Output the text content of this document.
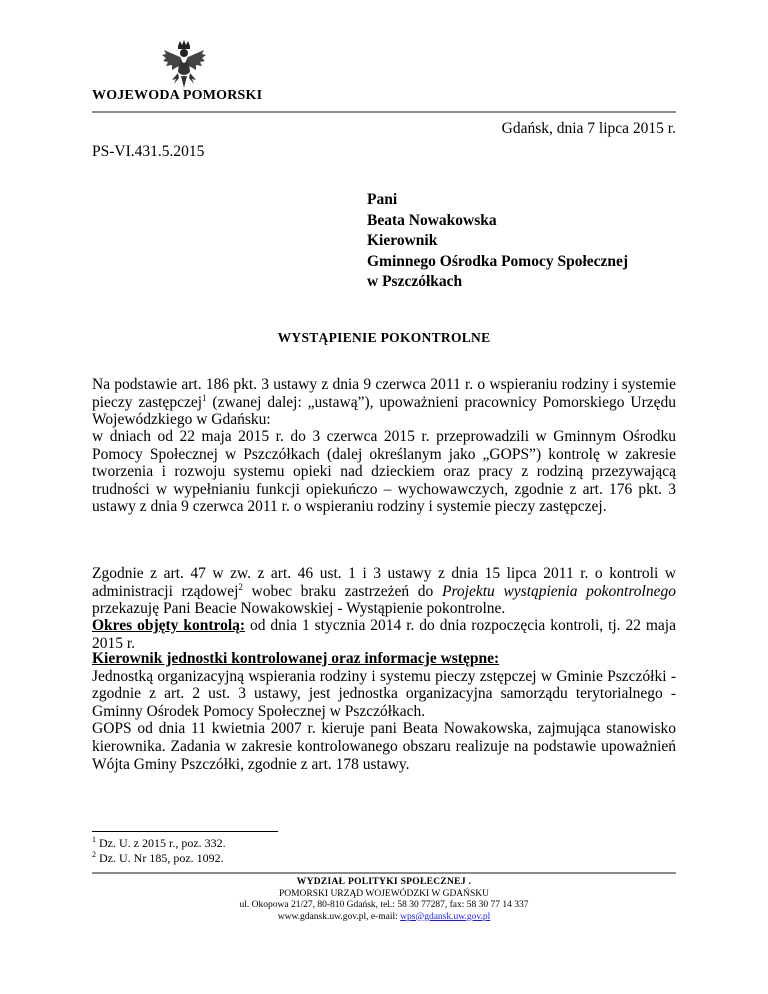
WOJEWODA POMORSKI
Gdańsk, dnia 7 lipca 2015 r.
PS-VI.431.5.2015
Pani
Beata Nowakowska
Kierownik
Gminnego Ośrodka Pomocy Społecznej
w Pszczółkach
WYSTĄPIENIE POKONTROLNE
Na podstawie art. 186 pkt. 3 ustawy z dnia 9 czerwca 2011 r. o wspieraniu rodziny i systemie pieczy zastępczej$^1$ (zwanej dalej: „ustawą”), upoważnieni pracownicy Pomorskiego Urzędu Wojewódzkiego w Gdańsku:
w dniach od 22 maja 2015 r. do 3 czerwca 2015 r. przeprowadzili w Gminnym Ośrodku Pomocy Społecznej w Pszczółkach (dalej określanym jako „GOPS”) kontrolę w zakresie tworzenia i rozwoju systemu opieki nad dzieckiem oraz pracy z rodziną przezywającą trudności w wypełnianiu funkcji opiekuńczo – wychowawczych, zgodnie z art. 176 pkt. 3 ustawy z dnia 9 czerwca 2011 r. o wspieraniu rodziny i systemie pieczy zastępczej.
Zgodnie z art. 47 w zw. z art. 46 ust. 1 i 3 ustawy z dnia 15 lipca 2011 r. o kontroli w administracji rządowej$^2$ wobec braku zastrzeżeń do Projektu wystąpienia pokontrolnego przekazuję Pani Beacie Nowakowskiej - Wystąpienie pokontrolne.
Okres objęty kontrolą: od dnia 1 stycznia 2014 r. do dnia rozpoczęcia kontroli, tj. 22 maja 2015 r.
Kierownik jednostki kontrolowanej oraz informacje wstępne:
Jednostką organizacyjną wspierania rodziny i systemu pieczy zstępczej w Gminie Pszczółki - zgodnie z art. 2 ust. 3 ustawy, jest jednostka organizacyjna samorządu terytorialnego - Gminny Ośrodek Pomocy Społecznej w Pszczółkach.
GOPS od dnia 11 kwietnia 2007 r. kieruje pani Beata Nowakowska, zajmująca stanowisko kierownika. Zadania w zakresie kontrolowanego obszaru realizuje na podstawie upoważnień Wójta Gminy Pszczółki, zgodnie z art. 178 ustawy.
$^1$ Dz. U. z 2015 r., poz. 332.
$^2$ Dz. U. Nr 185, poz. 1092.
WYDZIAŁ POLITYKI SPOŁECZNEJ .
POMORSKI URZĄD WOJEWÓDZKI W GDAŃSKU
ul. Okopowa 21/27, 80-810 Gdańsk, tel.: 58 30 77287, fax: 58 30 77 14 337
www.gdansk.uw.gov.pl, e-mail: wps@gdansk.uw.gov.pl
